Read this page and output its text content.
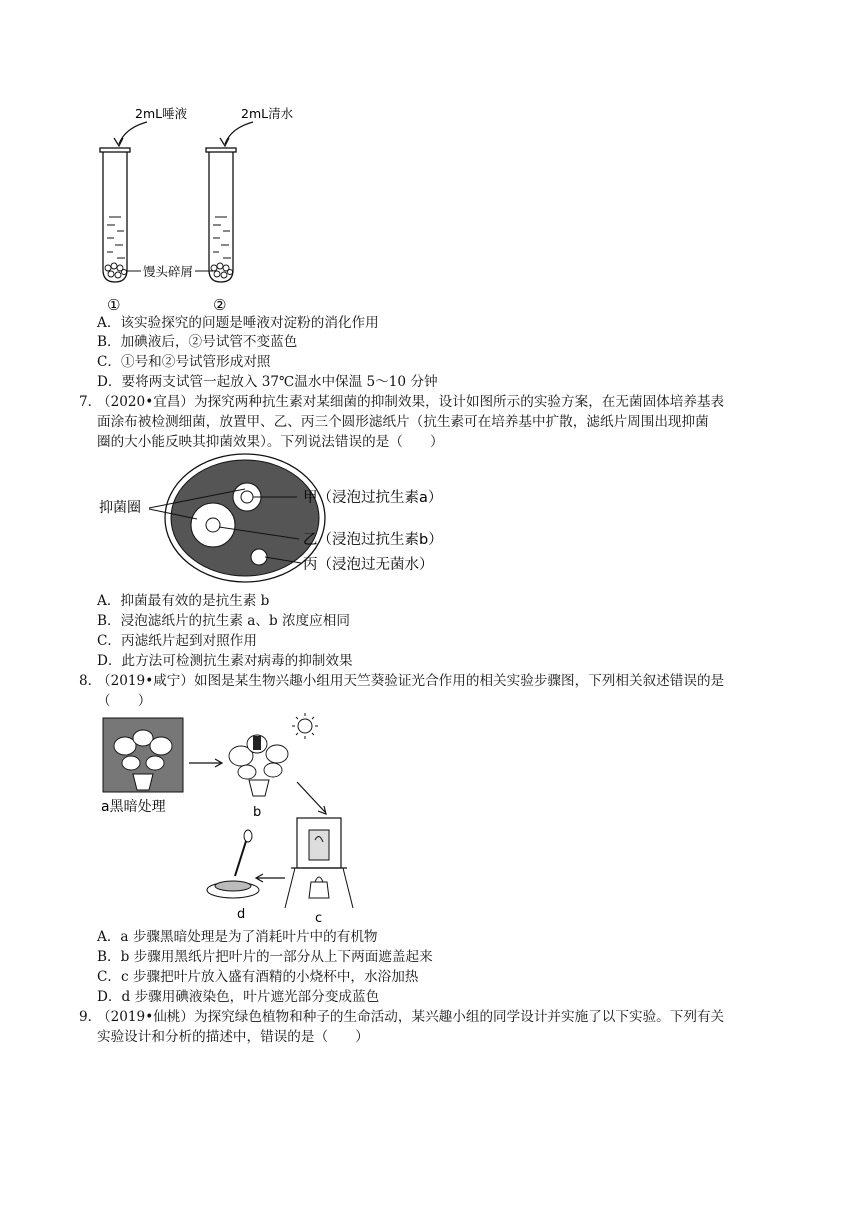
2mL唾液	2mL清水
馒头碎屑
①	②
A．该实验探究的问题是唾液对淀粉的消化作用
B．加碘液后，②号试管不变蓝色
C．①号和②号试管形成对照
D．要将两支试管一起放入 37℃温水中保温 5～10 分钟
7．
（2020•宜昌）为探究两种抗生素对某细菌的抑制效果，设计如图所示的实验方案，在无菌固体培养基表
面涂布被检测细菌，放置甲、乙、丙三个圆形滤纸片（抗生素可在培养基中扩散，滤纸片周围出现抑菌
圈的大小能反映其抑菌效果）。下列说法错误的是（　　）
抑菌圈
甲（浸泡过抗生素a）
乙（浸泡过抗生素b）
丙（浸泡过无菌水）
A．抑菌最有效的是抗生素 b
B．浸泡滤纸片的抗生素 a、b 浓度应相同
C．丙滤纸片起到对照作用
D．此方法可检测抗生素对病毒的抑制效果
8．
（2019•咸宁）如图是某生物兴趣小组用天竺葵验证光合作用的相关实验步骤图，下列相关叙述错误的是
（　　）
a黑暗处理	b
c
d
A．a 步骤黑暗处理是为了消耗叶片中的有机物
B．b 步骤用黑纸片把叶片的一部分从上下两面遮盖起来
C．c 步骤把叶片放入盛有酒精的小烧杯中，水浴加热
D．d 步骤用碘液染色，叶片遮光部分变成蓝色
9．
（2019•仙桃）为探究绿色植物和种子的生命活动，某兴趣小组的同学设计并实施了以下实验。下列有关
实验设计和分析的描述中，错误的是（　　）
